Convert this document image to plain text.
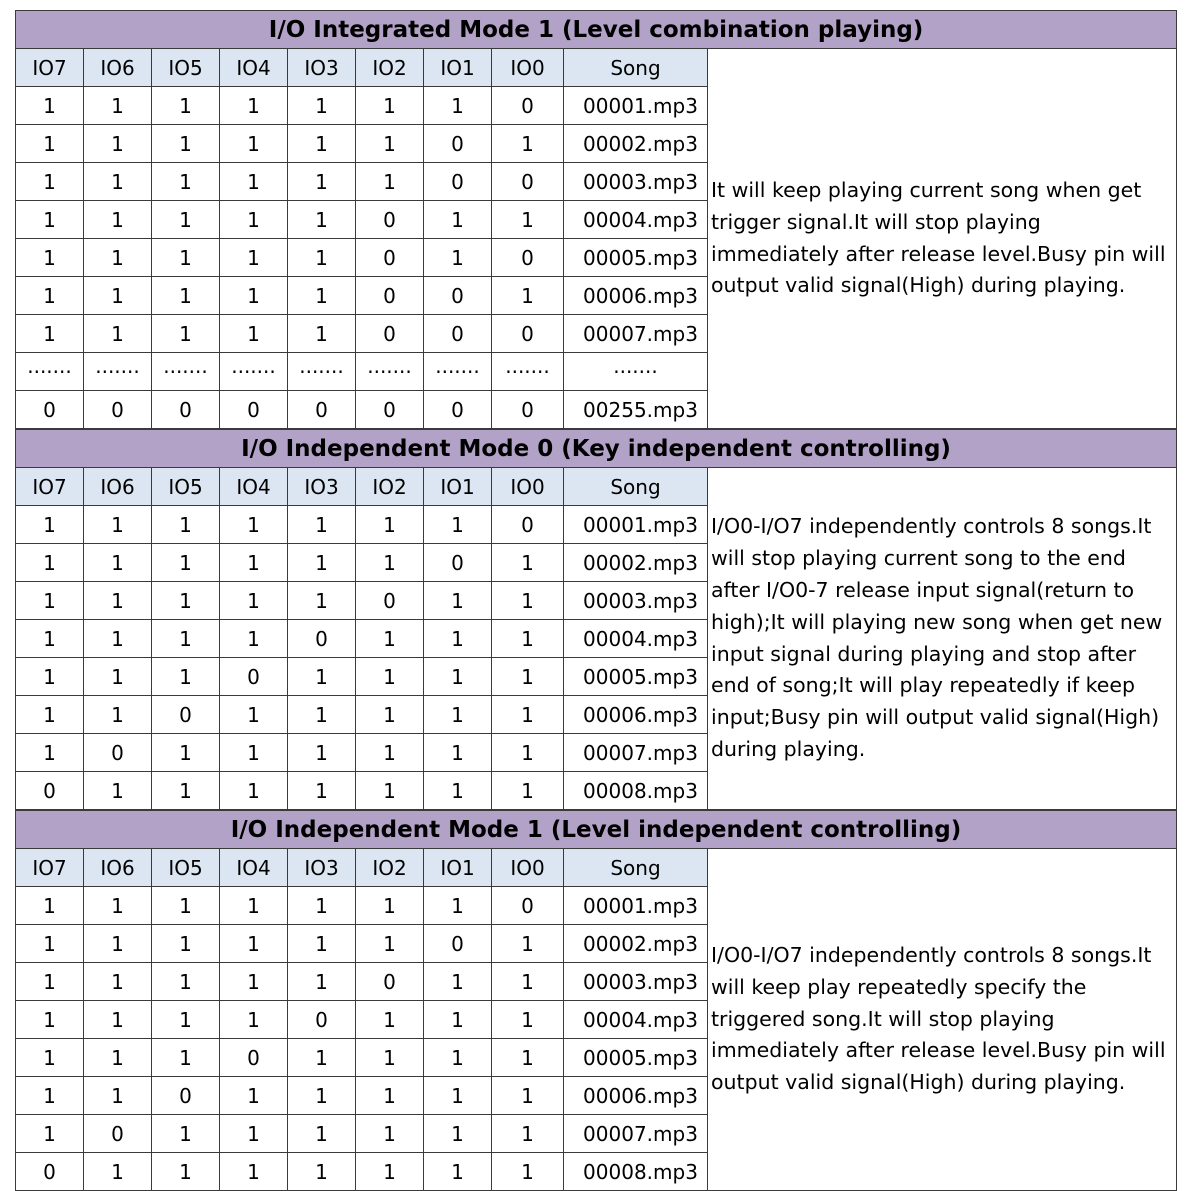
I/O Integrated Mode 1 (Level combination playing)									
IO7	IO6	IO5	IO4	IO3	IO2	IO1	IO0	Song	It will keep playing current song when get trigger signal.It will stop playing immediately after release level.Busy pin will output valid signal(High) during playing.
1	1	1	1	1	1	1	0	00001.mp3	
1	1	1	1	1	1	0	1	00002.mp3	
1	1	1	1	1	1	0	0	00003.mp3	
1	1	1	1	1	0	1	1	00004.mp3	
1	1	1	1	1	0	1	0	00005.mp3	
1	1	1	1	1	0	0	1	00006.mp3	
1	1	1	1	1	0	0	0	00007.mp3	
·······	·······	·······	·······	·······	·······	·······	·······	·······	
0	0	0	0	0	0	0	0	00255.mp3	
I/O Independent Mode 0 (Key independent controlling)									
IO7	IO6	IO5	IO4	IO3	IO2	IO1	IO0	Song	I/O0-I/O7 independently controls 8 songs.It will stop playing current song to the end after I/O0-7 release input signal(return to high);It will playing new song when get new input signal during playing and stop after end of song;It will play repeatedly if keep input;Busy pin will output valid signal(High) during playing.
1	1	1	1	1	1	1	0	00001.mp3	
1	1	1	1	1	1	0	1	00002.mp3	
1	1	1	1	1	0	1	1	00003.mp3	
1	1	1	1	0	1	1	1	00004.mp3	
1	1	1	0	1	1	1	1	00005.mp3	
1	1	0	1	1	1	1	1	00006.mp3	
1	0	1	1	1	1	1	1	00007.mp3	
0	1	1	1	1	1	1	1	00008.mp3	
I/O Independent Mode 1 (Level independent controlling)									
IO7	IO6	IO5	IO4	IO3	IO2	IO1	IO0	Song	I/O0-I/O7 independently controls 8 songs.It will keep play repeatedly specify the triggered song.It will stop playing immediately after release level.Busy pin will output valid signal(High) during playing.
1	1	1	1	1	1	1	0	00001.mp3	
1	1	1	1	1	1	0	1	00002.mp3	
1	1	1	1	1	0	1	1	00003.mp3	
1	1	1	1	0	1	1	1	00004.mp3	
1	1	1	0	1	1	1	1	00005.mp3	
1	1	0	1	1	1	1	1	00006.mp3	
1	0	1	1	1	1	1	1	00007.mp3	
0	1	1	1	1	1	1	1	00008.mp3	
